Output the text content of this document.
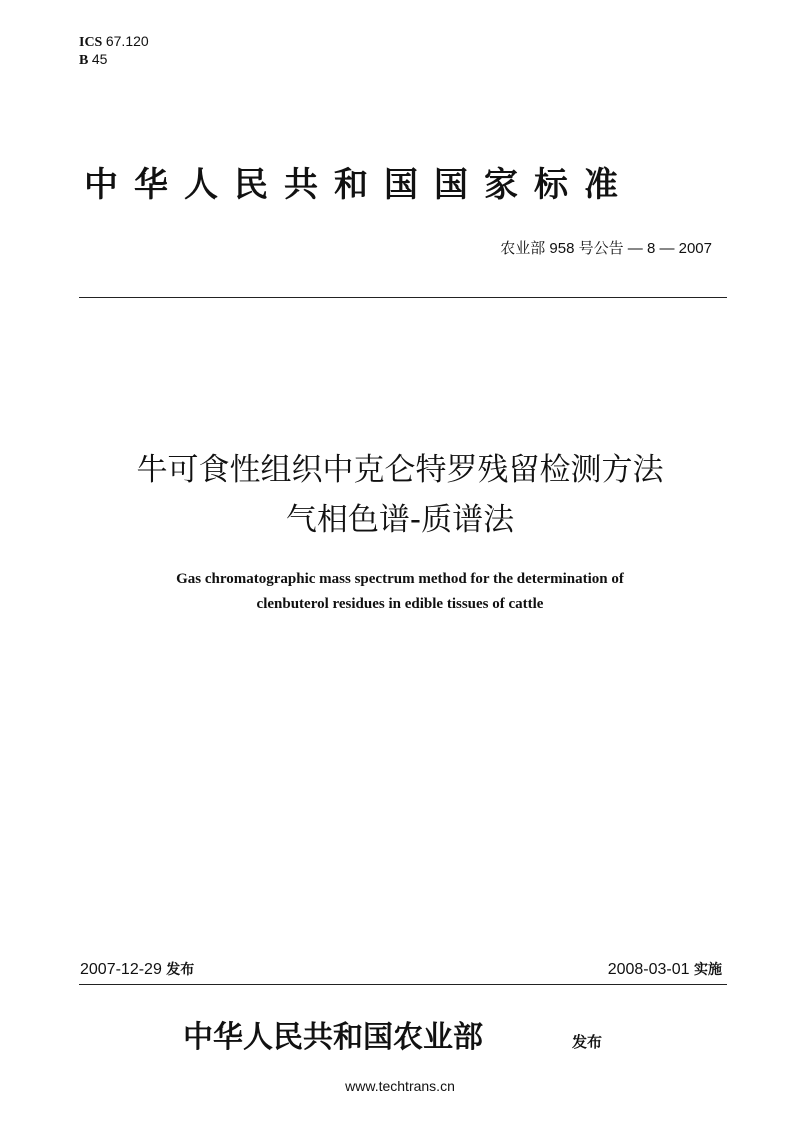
ICS 67.120
B 45
中华人民共和国国家标准
农业部 958 号公告 — 8 — 2007
牛可食性组织中克仑特罗残留检测方法
气相色谱-质谱法
Gas chromatographic mass spectrum method for the determination of
clenbuterol residues in edible tissues of cattle
2007-12-29 发布	2008-03-01 实施
中华人民共和国农业部	发布
www.techtrans.cn
